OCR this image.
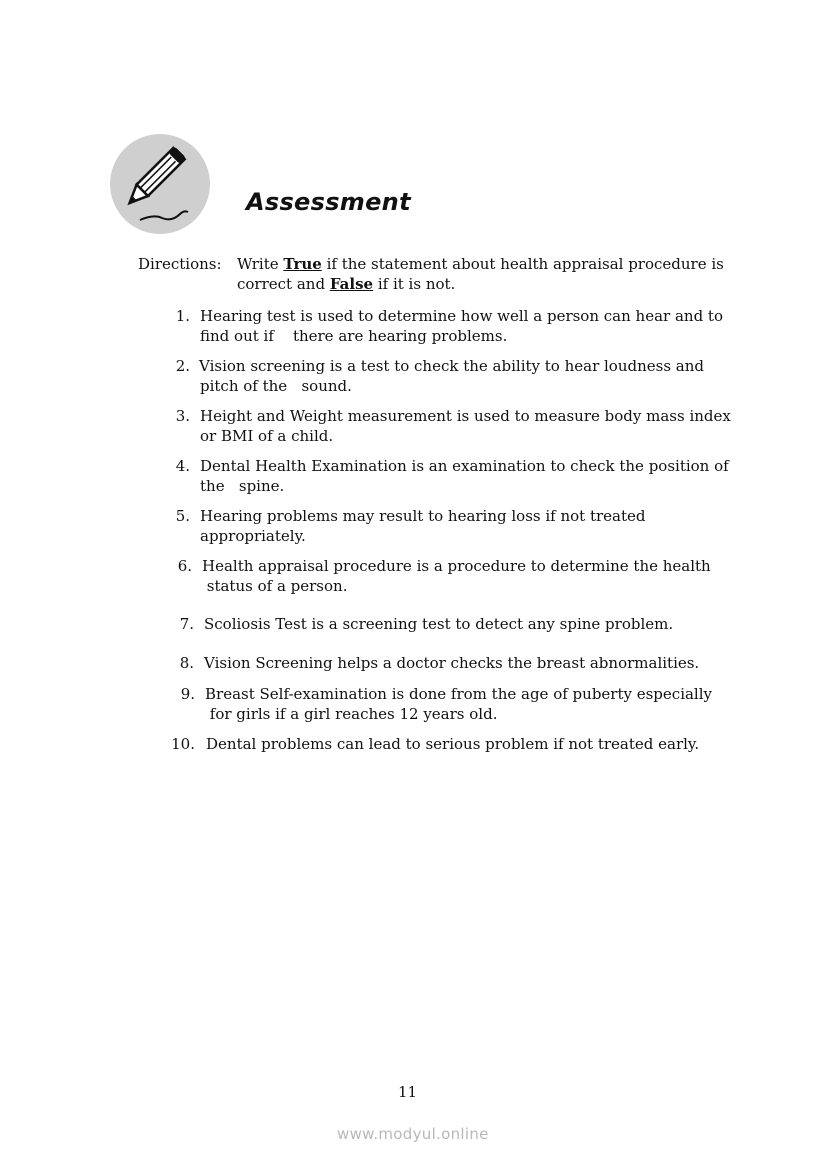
Assessment
Directions: Write True if the statement about health appraisal procedure is
correct and False if it is not.
1. Hearing test is used to determine how well a person can hear and to
find out if    there are hearing problems.
2. Vision screening is a test to check the ability to hear loudness and
pitch of the   sound.
3. Height and Weight measurement is used to measure body mass index
or BMI of a child.
4. Dental Health Examination is an examination to check the position of
the   spine.
5. Hearing problems may result to hearing loss if not treated
appropriately.
6. Health appraisal procedure is a procedure to determine the health
status of a person.
7. Scoliosis Test is a screening test to detect any spine problem.
8. Vision Screening helps a doctor checks the breast abnormalities.
9. Breast Self-examination is done from the age of puberty especially
for girls if a girl reaches 12 years old.
10. Dental problems can lead to serious problem if not treated early.
11
www.modyul.online
